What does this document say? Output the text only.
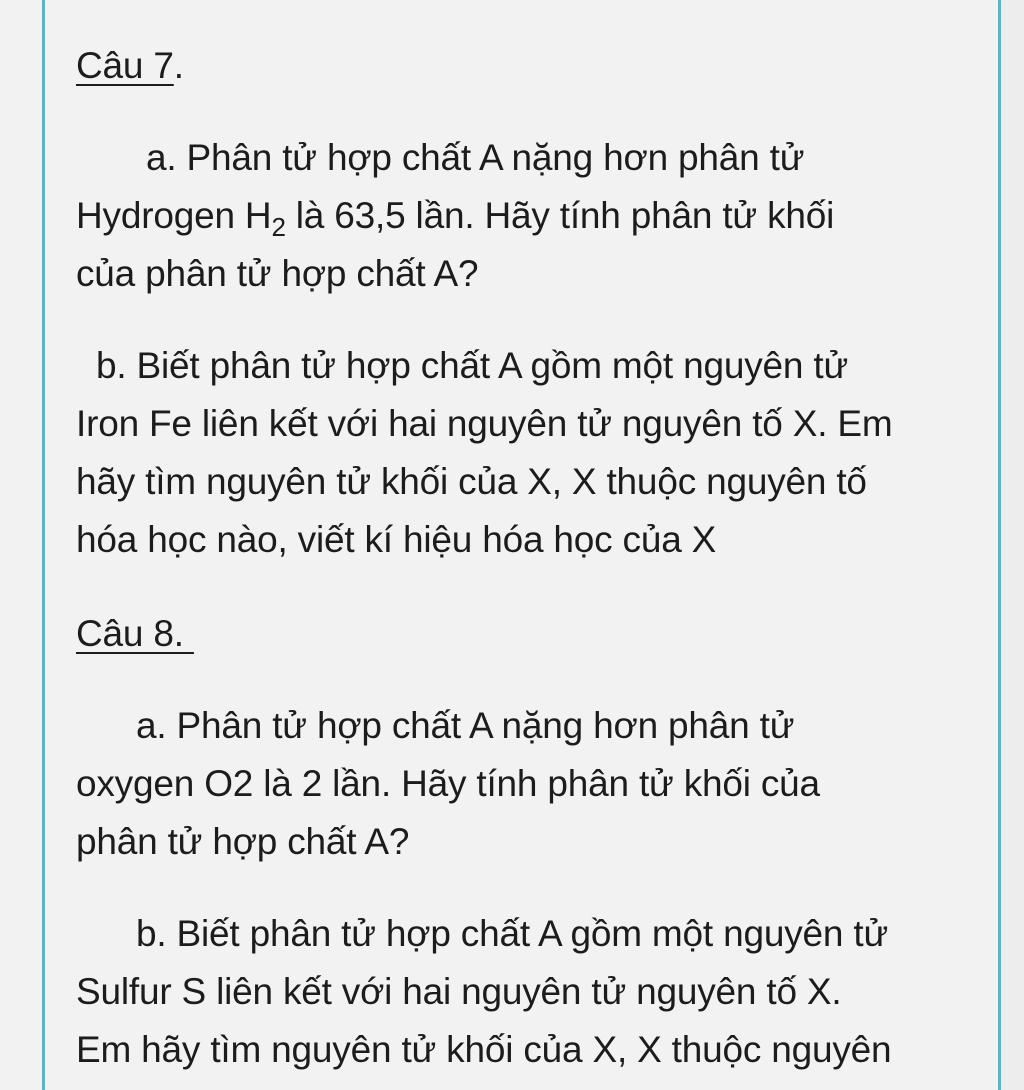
Câu 7.
a. Phân tử hợp chất A nặng hơn phân tử
Hydrogen $H_2$ là 63,5 lần. Hãy tính phân tử khối
của phân tử hợp chất A?
b. Biết phân tử hợp chất A gồm một nguyên tử
Iron Fe liên kết với hai nguyên tử nguyên tố X. Em
hãy tìm nguyên tử khối của X, X thuộc nguyên tố
hóa học nào, viết kí hiệu hóa học của X
Câu 8.
a. Phân tử hợp chất A nặng hơn phân tử
oxygen O2 là 2 lần. Hãy tính phân tử khối của
phân tử hợp chất A?
b. Biết phân tử hợp chất A gồm một nguyên tử
Sulfur S liên kết với hai nguyên tử nguyên tố X.
Em hãy tìm nguyên tử khối của X, X thuộc nguyên
